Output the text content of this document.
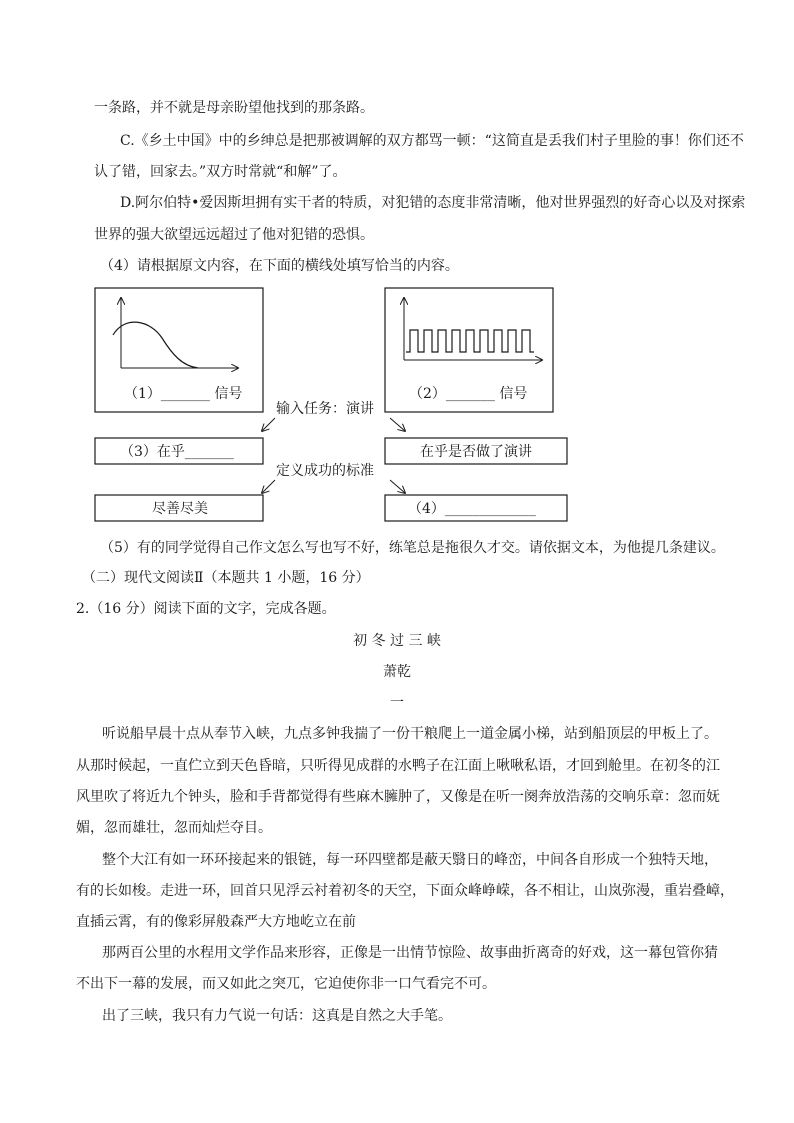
一条路，并不就是母亲盼望他找到的那条路。
C.《乡土中国》中的乡绅总是把那被调解的双方都骂一顿：“这简直是丢我们村子里脸的事！你们还不
认了错，回家去。”双方时常就“和解”了。
D.阿尔伯特•爱因斯坦拥有实干者的特质，对犯错的态度非常清晰，他对世界强烈的好奇心以及对探索
世界的强大欲望远远超过了他对犯错的恐惧。
（4）请根据原文内容，在下面的横线处填写恰当的内容。
（1）_______ 信号	（2）_______ 信号
输入任务：演讲
（3）在乎_______	在乎是否做了演讲
定义成功的标准
尽善尽美	（4）_____________
（5）有的同学觉得自己作文怎么写也写不好，练笔总是拖很久才交。请依据文本，为他提几条建议。
（二）现代文阅读Ⅱ（本题共 1 小题，16 分）
2.（16 分）阅读下面的文字，完成各题。
初 冬 过 三 峡
萧乾
一
听说船早晨十点从奉节入峡，九点多钟我揣了一份干粮爬上一道金属小梯，站到船顶层的甲板上了。
从那时候起，一直伫立到天色昏暗，只听得见成群的水鸭子在江面上啾啾私语，才回到舱里。在初冬的江
风里吹了将近九个钟头，脸和手背都觉得有些麻木臃肿了，又像是在听一阕奔放浩荡的交响乐章：忽而妩
媚，忽而雄壮，忽而灿烂夺目。
整个大江有如一环环接起来的银链，每一环四壁都是蔽天翳日的峰峦，中间各自形成一个独特天地，
有的长如梭。走进一环，回首只见浮云衬着初冬的天空，下面众峰峥嵘，各不相让，山岚弥漫，重岩叠嶂，
直插云霄，有的像彩屏般森严大方地屹立在前
那两百公里的水程用文学作品来形容，正像是一出情节惊险、故事曲折离奇的好戏，这一幕包管你猜
不出下一幕的发展，而又如此之突兀，它迫使你非一口气看完不可。
出了三峡，我只有力气说一句话：这真是自然之大手笔。
